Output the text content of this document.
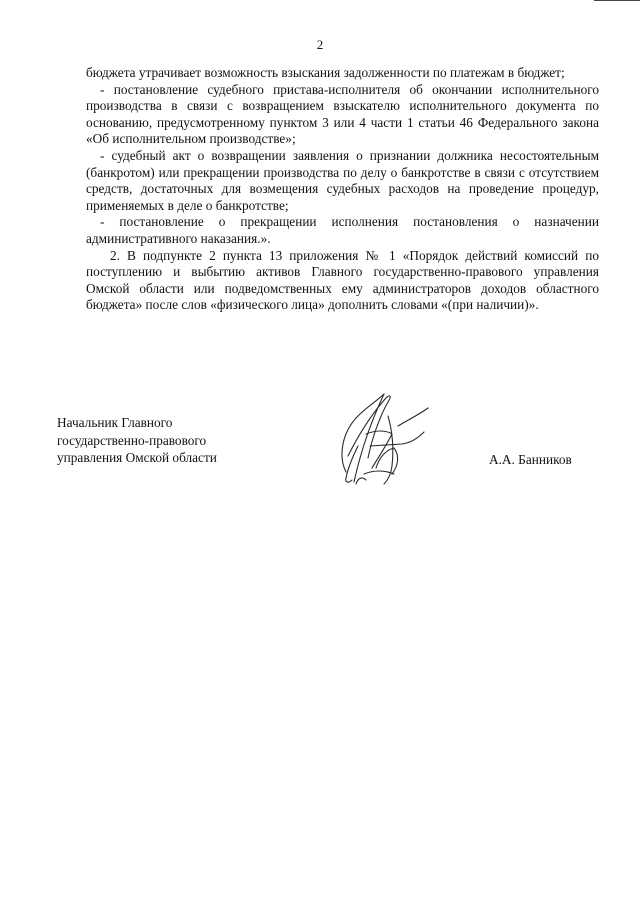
2

бюджета утрачивает возможность взыскания задолженности по платежам в бюджет;

- постановление судебного пристава-исполнителя об окончании исполнительного производства в связи с возвращением взыскателю исполнительного документа по основанию, предусмотренному пунктом 3 или 4 части 1 статьи 46 Федерального закона «Об исполнительном производстве»;

- судебный акт о возвращении заявления о признании должника несостоятельным (банкротом) или прекращении производства по делу о банкротстве в связи с отсутствием средств, достаточных для возмещения судебных расходов на проведение процедур, применяемых в деле о банкротстве;

- постановление о прекращении исполнения постановления о назначении административного наказания.».

2. В подпункте 2 пункта 13 приложения № 1 «Порядок действий комиссий по поступлению и выбытию активов Главного государственно-правового управления Омской области или подведомственных ему администраторов доходов областного бюджета» после слов «физического лица» дополнить словами «(при наличии)».

Начальник Главного
государственно-правового
управления Омской области	А.А. Банников
